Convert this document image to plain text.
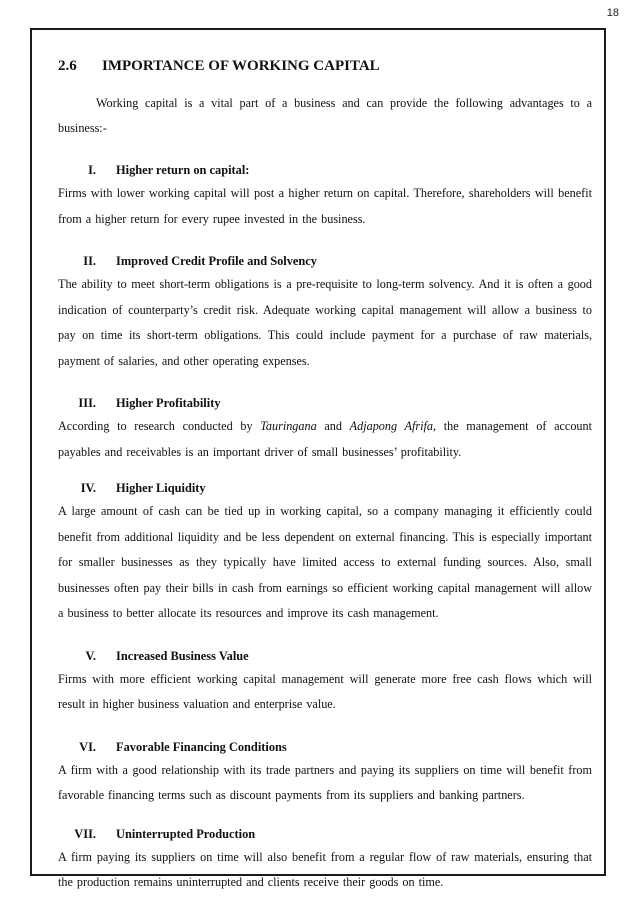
18
2.6	IMPORTANCE OF WORKING CAPITAL

Working capital is a vital part of a business and can provide the following advantages to a business:-

I. Higher return on capital:

Firms with lower working capital will post a higher return on capital. Therefore, shareholders will benefit from a higher return for every rupee invested in the business.

II. Improved Credit Profile and Solvency

The ability to meet short-term obligations is a pre-requisite to long-term solvency. And it is often a good indication of counterparty’s credit risk. Adequate working capital management will allow a business to pay on time its short-term obligations. This could include payment for a purchase of raw materials, payment of salaries, and other operating expenses.

III. Higher Profitability

According to research conducted by Tauringana and Adjapong Afrifa, the management of account payables and receivables is an important driver of small businesses’ profitability.

IV. Higher Liquidity

A large amount of cash can be tied up in working capital, so a company managing it efficiently could benefit from additional liquidity and be less dependent on external financing. This is especially important for smaller businesses as they typically have limited access to external funding sources. Also, small businesses often pay their bills in cash from earnings so efficient working capital management will allow a business to better allocate its resources and improve its cash management.

V. Increased Business Value

Firms with more efficient working capital management will generate more free cash flows which will result in higher business valuation and enterprise value.

VI. Favorable Financing Conditions

A firm with a good relationship with its trade partners and paying its suppliers on time will benefit from favorable financing terms such as discount payments from its suppliers and banking partners.

VII. Uninterrupted Production

A firm paying its suppliers on time will also benefit from a regular flow of raw materials, ensuring that the production remains uninterrupted and clients receive their goods on time.
